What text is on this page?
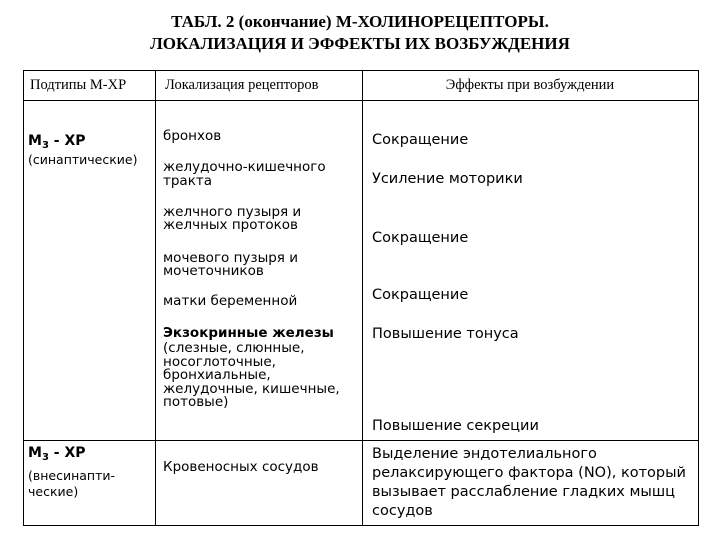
ТАБЛ. 2 (окончание) М-ХОЛИНОРЕЦЕПТОРЫ.
ЛОКАЛИЗАЦИЯ И ЭФФЕКТЫ ИХ ВОЗБУЖДЕНИЯ
Подтипы М-ХР	Локализация рецепторов	Эффекты при возбуждении
$М_3$ - ХР
(синаптические)
бронхов
желудочно-кишечного
тракта
желчного пузыря и
желчных протоков
мочевого пузыря и
мочеточников
матки беременной
Экзокринные железы
(слезные, слюнные,
носоглоточные,
бронхиальные,
желудочные, кишечные,
потовые)
Сокращение
Усиление моторики
Сокращение
Сокращение
Повышение тонуса
Повышение секреции
$М_3$ - ХР
(внесинапти-
ческие)
Кровеносных сосудов
Выделение эндотелиального
релаксирующего фактора (NO), который
вызывает расслабление гладких мышц
сосудов
